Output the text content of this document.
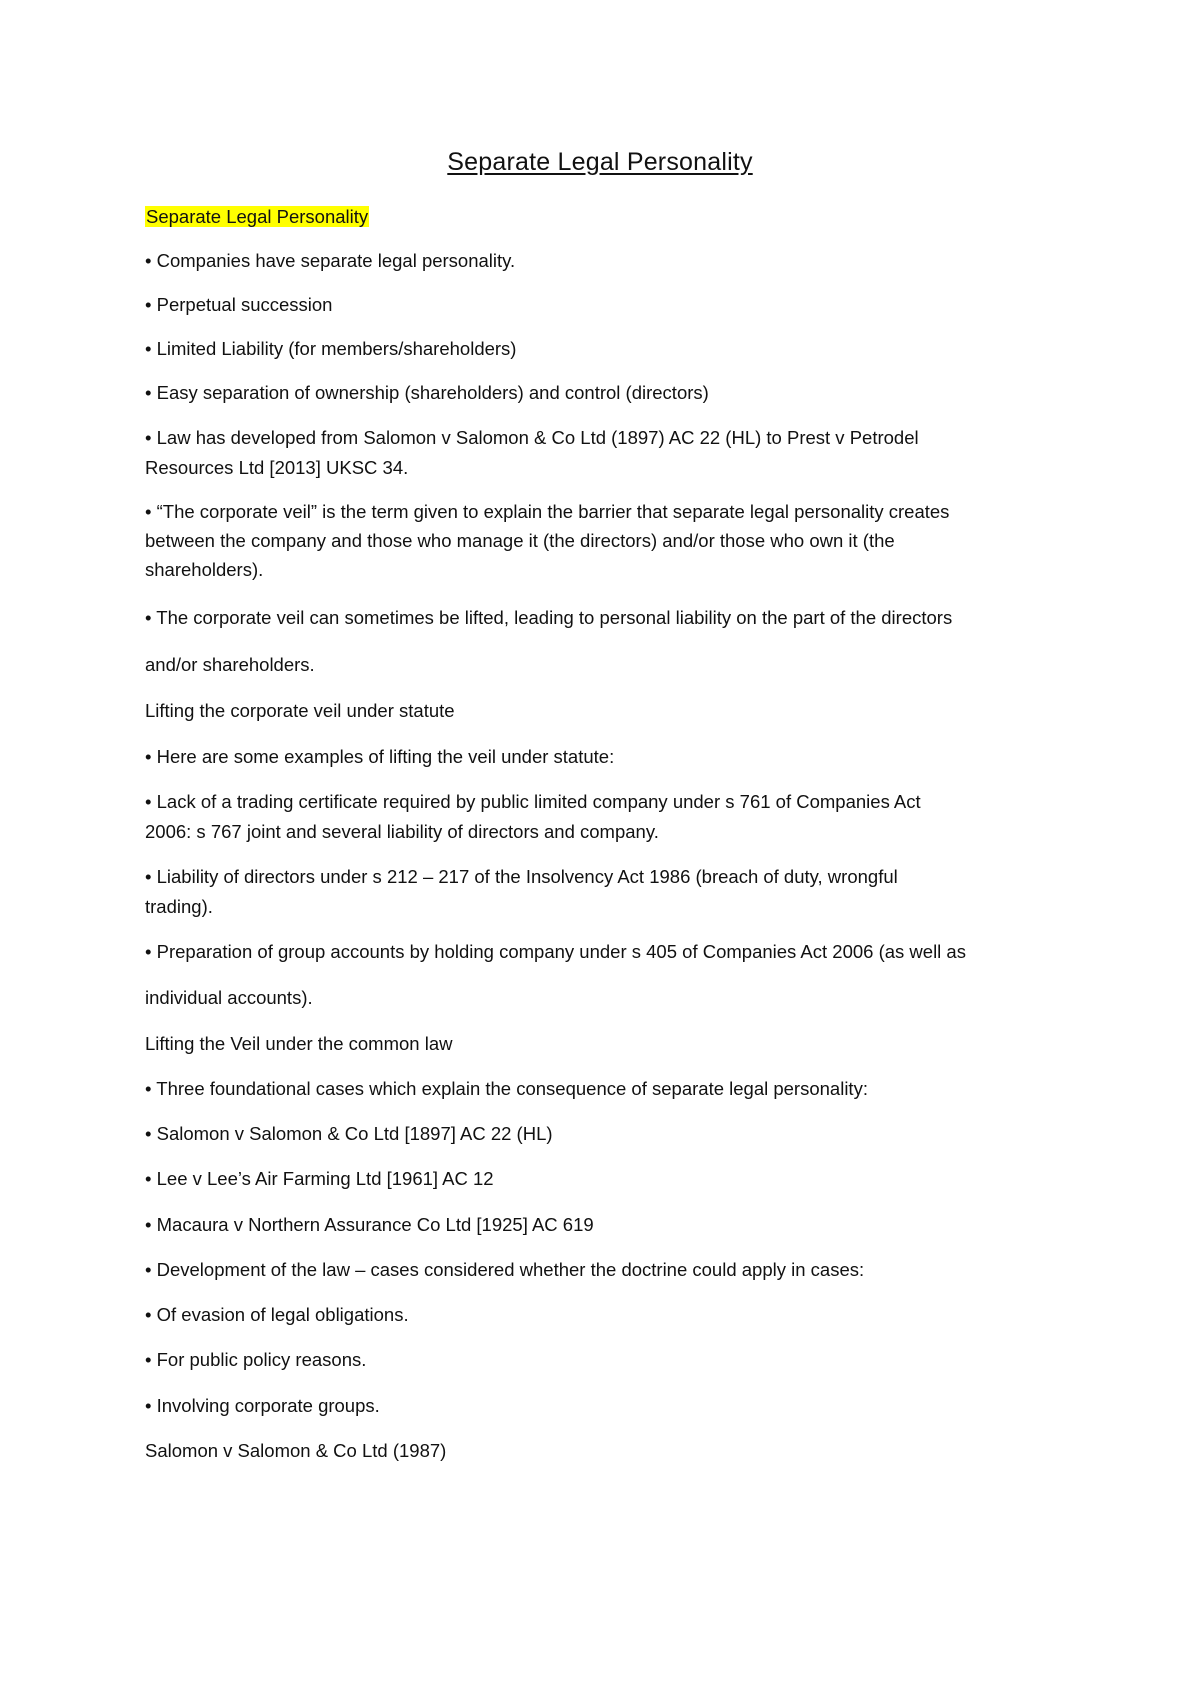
Separate Legal Personality

Separate Legal Personality

• Companies have separate legal personality.

• Perpetual succession

• Limited Liability (for members/shareholders)

• Easy separation of ownership (shareholders) and control (directors)

• Law has developed from Salomon v Salomon & Co Ltd (1897) AC 22 (HL) to Prest v Petrodel

Resources Ltd [2013] UKSC 34.

• “The corporate veil” is the term given to explain the barrier that separate legal personality creates

between the company and those who manage it (the directors) and/or those who own it (the

shareholders).

• The corporate veil can sometimes be lifted, leading to personal liability on the part of the directors

and/or shareholders.

Lifting the corporate veil under statute

• Here are some examples of lifting the veil under statute:

• Lack of a trading certificate required by public limited company under s 761 of Companies Act

2006: s 767 joint and several liability of directors and company.

• Liability of directors under s 212 – 217 of the Insolvency Act 1986 (breach of duty, wrongful

trading).

• Preparation of group accounts by holding company under s 405 of Companies Act 2006 (as well as

individual accounts).

Lifting the Veil under the common law

• Three foundational cases which explain the consequence of separate legal personality:

• Salomon v Salomon & Co Ltd [1897] AC 22 (HL)

• Lee v Lee’s Air Farming Ltd [1961] AC 12

• Macaura v Northern Assurance Co Ltd [1925] AC 619

• Development of the law – cases considered whether the doctrine could apply in cases:

• Of evasion of legal obligations.

• For public policy reasons.

• Involving corporate groups.

Salomon v Salomon & Co Ltd (1987)
